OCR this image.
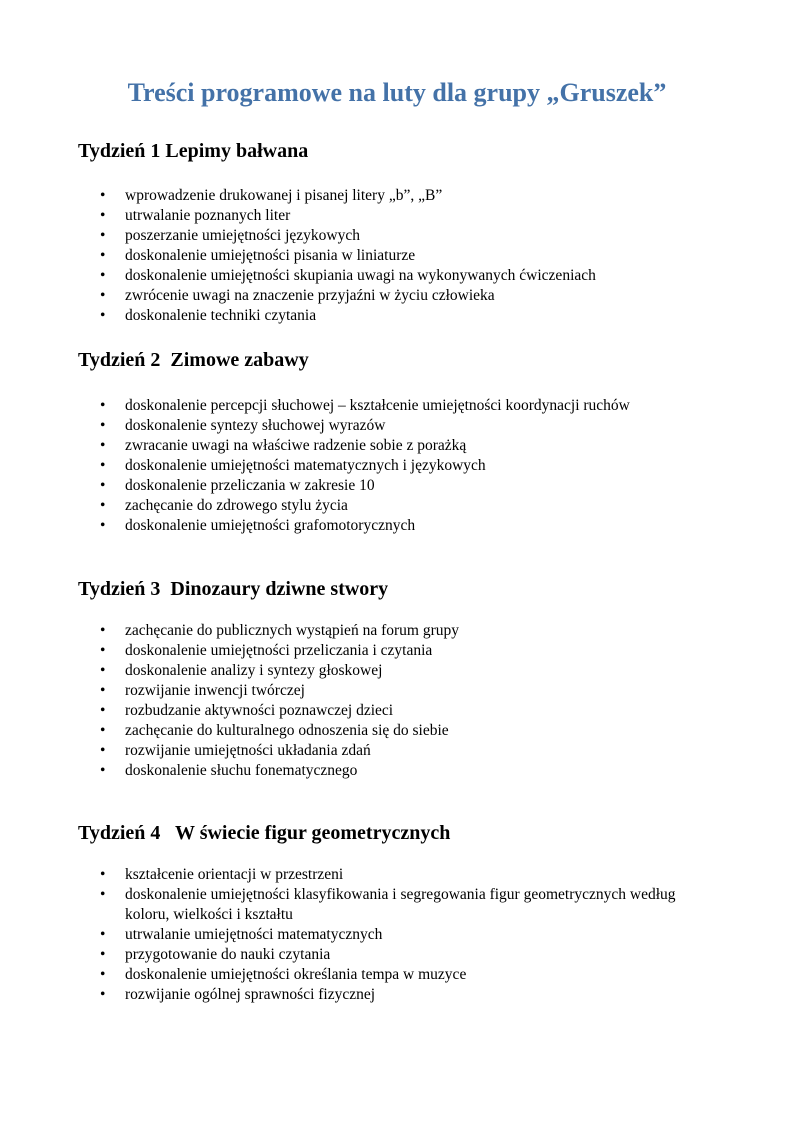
Treści programowe na luty dla grupy „Gruszek”
Tydzień 1 Lepimy bałwana
• wprowadzenie drukowanej i pisanej litery „b”, „B”
• utrwalanie poznanych liter
• poszerzanie umiejętności językowych
• doskonalenie umiejętności pisania w liniaturze
• doskonalenie umiejętności skupiania uwagi na wykonywanych ćwiczeniach
• zwrócenie uwagi na znaczenie przyjaźni w życiu człowieka
• doskonalenie techniki czytania
Tydzień 2  Zimowe zabawy
• doskonalenie percepcji słuchowej – kształcenie umiejętności koordynacji ruchów
• doskonalenie syntezy słuchowej wyrazów
• zwracanie uwagi na właściwe radzenie sobie z porażką
• doskonalenie umiejętności matematycznych i językowych
• doskonalenie przeliczania w zakresie 10
• zachęcanie do zdrowego stylu życia
• doskonalenie umiejętności grafomotorycznych
Tydzień 3  Dinozaury dziwne stwory
• zachęcanie do publicznych wystąpień na forum grupy
• doskonalenie umiejętności przeliczania i czytania
• doskonalenie analizy i syntezy głoskowej
• rozwijanie inwencji twórczej
• rozbudzanie aktywności poznawczej dzieci
• zachęcanie do kulturalnego odnoszenia się do siebie
• rozwijanie umiejętności układania zdań
• doskonalenie słuchu fonematycznego
Tydzień 4   W świecie figur geometrycznych
• kształcenie orientacji w przestrzeni
• doskonalenie umiejętności klasyfikowania i segregowania figur geometrycznych według koloru, wielkości i kształtu
• utrwalanie umiejętności matematycznych
• przygotowanie do nauki czytania
• doskonalenie umiejętności określania tempa w muzyce
• rozwijanie ogólnej sprawności fizycznej
